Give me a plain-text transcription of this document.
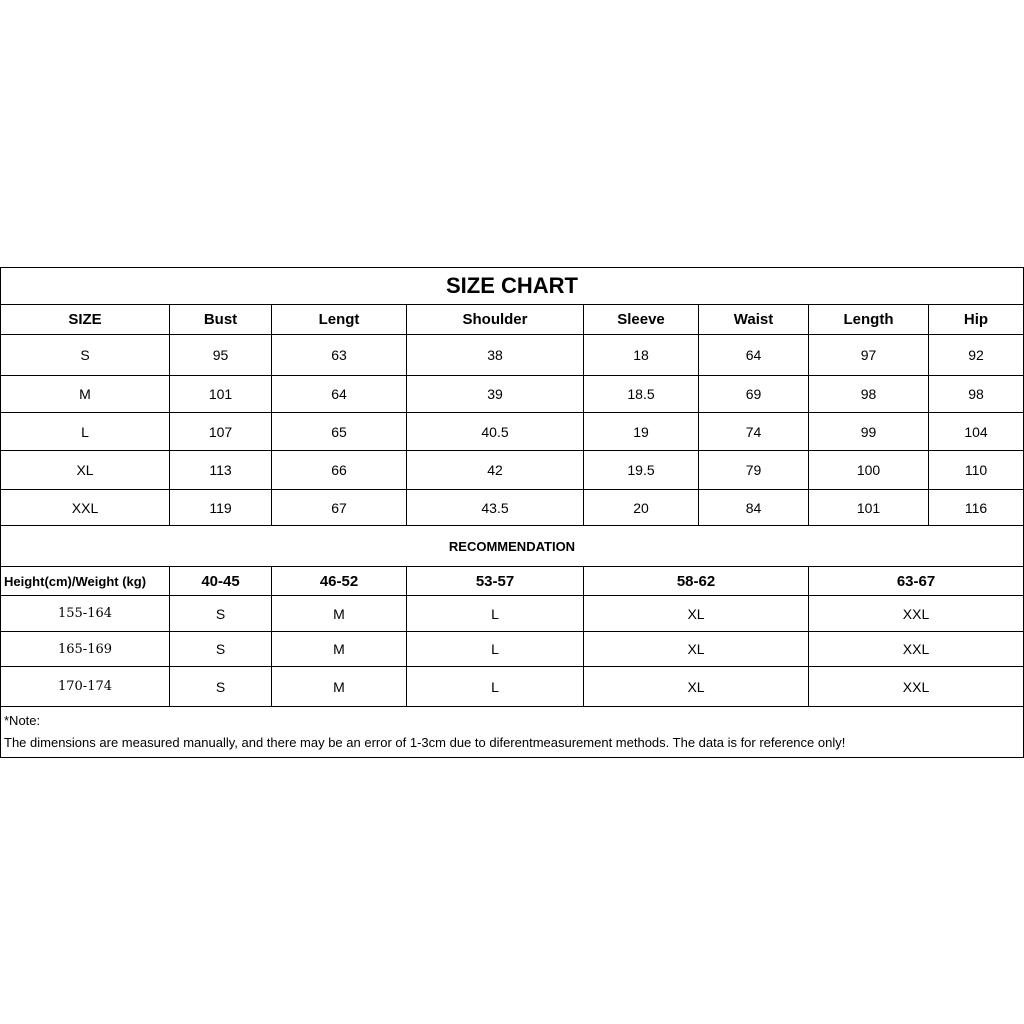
SIZE CHART
SIZE	Bust	Lengt	Shoulder	Sleeve	Waist	Length	Hip
S	95	63	38	18	64	97	92
M	101	64	39	18.5	69	98	98
L	107	65	40.5	19	74	99	104
XL	113	66	42	19.5	79	100	110
XXL	119	67	43.5	20	84	101	116
RECOMMENDATION
Height(cm)/Weight (kg)	40-45	46-52	53-57	58-62	63-67
155-164	S	M	L	XL	XXL
165-169	S	M	L	XL	XXL
170-174	S	M	L	XL	XXL
*Note:
The dimensions are measured manually, and there may be an error of 1-3cm due to diferentmeasurement methods. The data is for reference only!
